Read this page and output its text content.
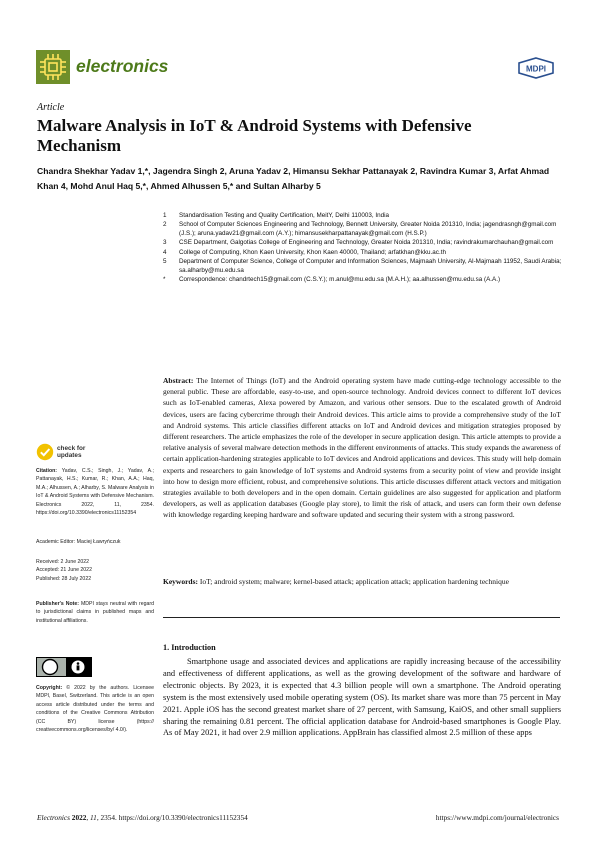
electronics	MDPI
Article
Malware Analysis in IoT & Android Systems with Defensive Mechanism
Chandra Shekhar Yadav 1,*, Jagendra Singh 2, Aruna Yadav 2, Himansu Sekhar Pattanayak 2, Ravindra Kumar 3, Arfat Ahmad Khan 4, Mohd Anul Haq 5,*, Ahmed Alhussen 5,* and Sultan Alharby 5
1	Standardisation Testing and Quality Certification, MeitY, Delhi 110003, India
2	School of Computer Sciences Engineering and Technology, Bennett University, Greater Noida 201310, India; jagendrasngh@gmail.com (J.S.); aruna.yadav21@gmail.com (A.Y.); himansusekharpattanayak@gmail.com (H.S.P.)
3	CSE Department, Galgotias College of Engineering and Technology, Greater Noida 201310, India; ravindrakumarchauhan@gmail.com
4	College of Computing, Khon Kaen University, Khon Kaen 40000, Thailand; arfatkhan@kku.ac.th
5	Department of Computer Science, College of Computer and Information Sciences, Majmaah University, Al-Majmaah 11952, Saudi Arabia; sa.alharby@mu.edu.sa
*	Correspondence: chandrtech15@gmail.com (C.S.Y.); m.anul@mu.edu.sa (M.A.H.); aa.alhussen@mu.edu.sa (A.A.)
Abstract: The Internet of Things (IoT) and the Android operating system have made cutting-edge technology accessible to the general public. These are affordable, easy-to-use, and open-source technology. Android devices connect to different IoT devices such as IoT-enabled cameras, Alexa powered by Amazon, and various other sensors. Due to the escalated growth of Android devices, users are facing cybercrime through their Android devices. This article aims to provide a comprehensive study of the IoT and Android systems. This article classifies different attacks on IoT and Android devices and mitigation strategies proposed by different researchers. The article emphasizes the role of the developer in secure application design. This article attempts to provide a relative analysis of several malware detection methods in the different environments of attacks. This study expands the awareness of certain application-hardening strategies applicable to IoT devices and Android applications and devices. This study will help domain experts and researchers to gain knowledge of IoT systems and Android systems from a security point of view and provide insight into how to design more efficient, robust, and comprehensive solutions. This article discusses different attack vectors and mitigation strategies available to both developers and in the open domain. Certain guidelines are also suggested for application and platform developers, as well as application databases (Google play store), to limit the risk of attack, and users can form their own defense with knowledge regarding keeping hardware and software updated and securing their system with a strong password.
Keywords: IoT; android system; malware; kernel-based attack; application attack; application hardening technique
1. Introduction
Smartphone usage and associated devices and applications are rapidly increasing because of the accessibility and effectiveness of different applications, as well as the growing development of the software and hardware of electronic objects. By 2023, it is expected that 4.3 billion people will own a smartphone. The Android operating system is the most extensively used mobile operating system (OS). Its market share was more than 75 percent in May 2021. Apple iOS has the second greatest market share of 27 percent, with Samsung, KaiOS, and other small suppliers sharing the remaining 0.81 percent. The official application database for Android-based smartphones is Google Play. As of May 2021, it had over 2.9 million applications. AppBrain has classified almost 2.5 million of these apps
check for
updates
Citation: Yadav, C.S.; Singh, J.; Yadav, A.; Pattanayak, H.S.; Kumar, R.; Khan, A.A.; Haq, M.A.; Alhussen, A.; Alharby, S. Malware Analysis in IoT & Android Systems with Defensive Mechanism. Electronics 2022, 11, 2354. https://doi.org/10.3390/electronics11152354
Academic Editor: Maciej Ławryńczuk
Received: 2 June 2022
Accepted: 21 June 2022
Published: 28 July 2022
Publisher's Note: MDPI stays neutral with regard to jurisdictional claims in published maps and institutional affiliations.
Copyright: © 2022 by the authors. Licensee MDPI, Basel, Switzerland. This article is an open access article distributed under the terms and conditions of the Creative Commons Attribution (CC BY) license (https:// creativecommons.org/licenses/by/ 4.0/).
Electronics 2022, 11, 2354. https://doi.org/10.3390/electronics11152354	https://www.mdpi.com/journal/electronics
